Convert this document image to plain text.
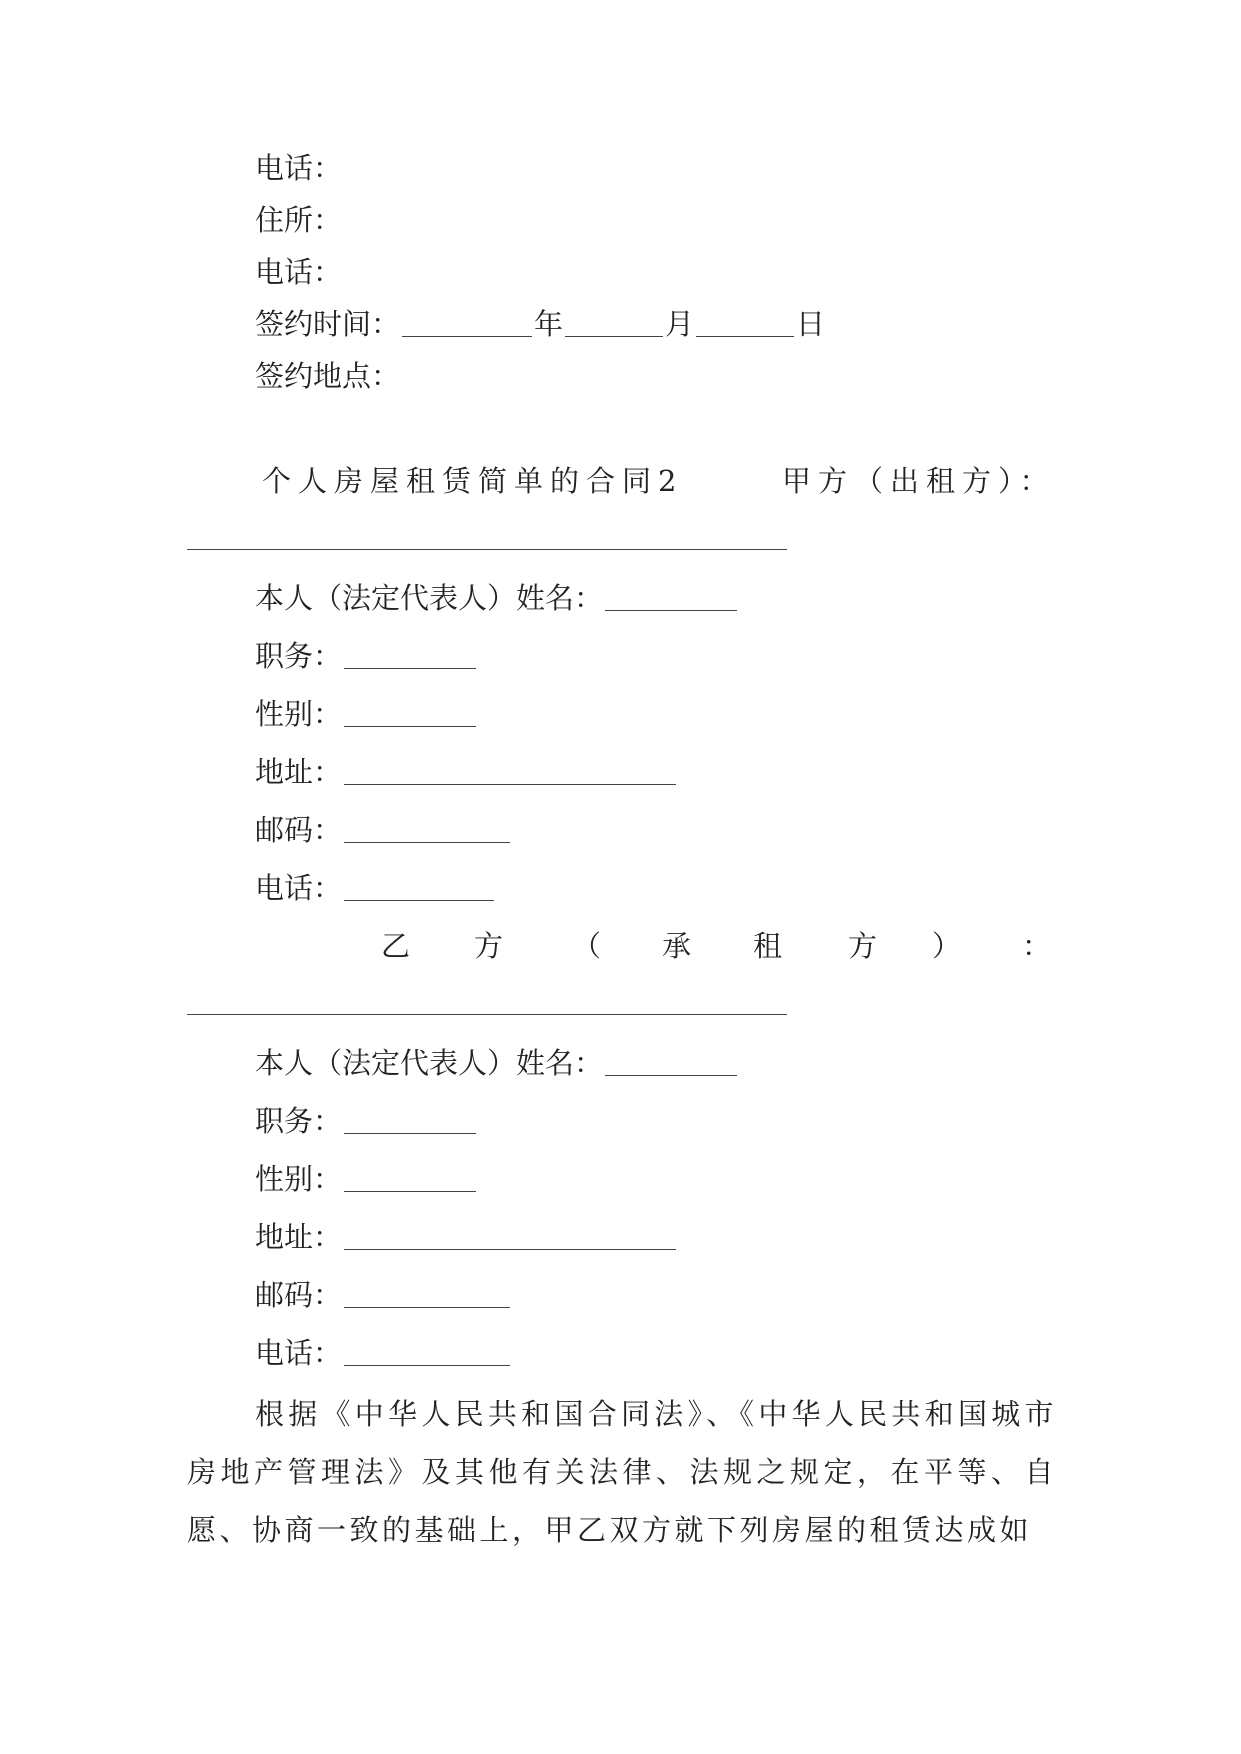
电话：
住所：
电话：
签约时间：	年	月	日
签约地点：
个人房屋租赁简单的合同2	甲方（出租方）：
本人（法定代表人）姓名：
职务：
性别：
地址：
邮码：
电话：
乙 方 （ 承 租 方 ） ：
本人（法定代表人）姓名：
职务：
性别：
地址：
邮码：
电话：
根据《中华人民共和国合同法》、《中华人民共和国城市房地产管理法》及其他有关法律、法规之规定，在平等、自愿、协商一致的基础上，甲乙双方就下列房屋的租赁达成如
